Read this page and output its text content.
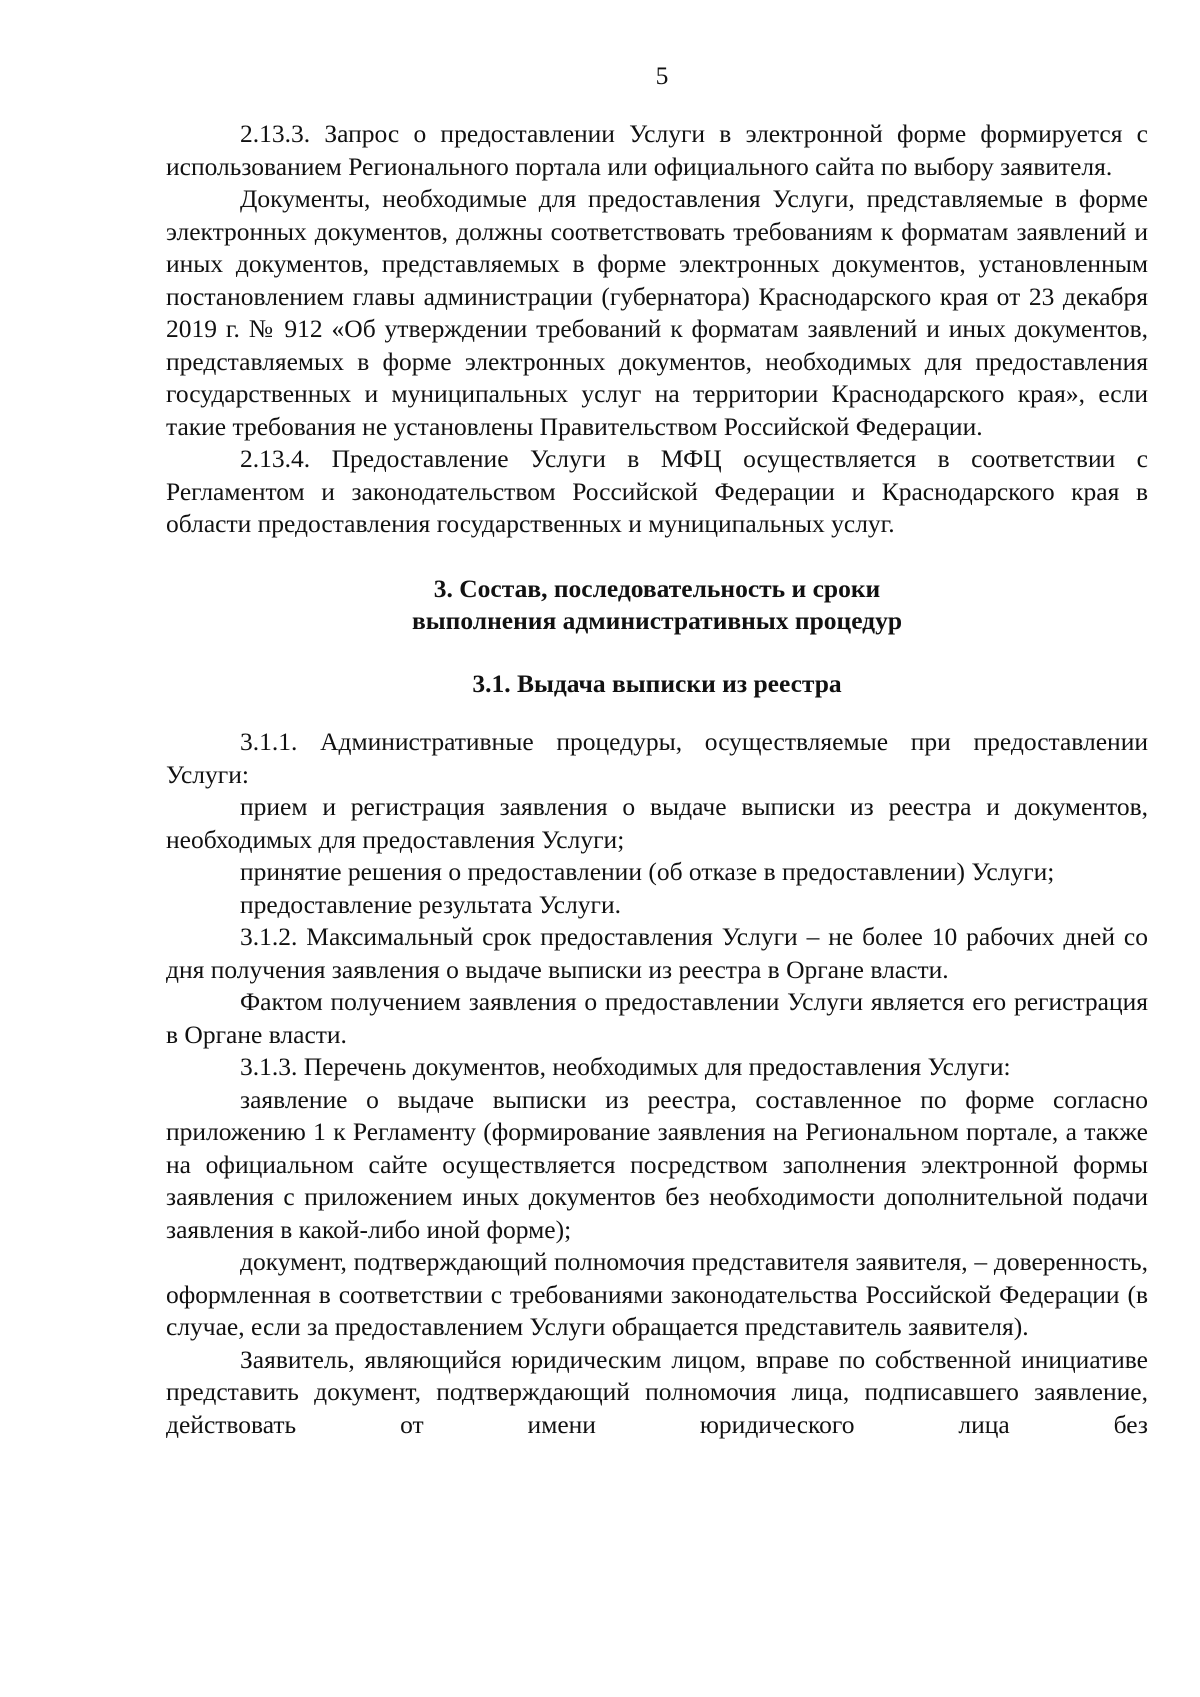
5

2.13.3. Запрос о предоставлении Услуги в электронной форме формируется с использованием Регионального портала или официального сайта по выбору заявителя.

Документы, необходимые для предоставления Услуги, представляемые в форме электронных документов, должны соответствовать требованиям к форматам заявлений и иных документов, представляемых в форме электронных документов, установленным постановлением главы администрации (губернатора) Краснодарского края от 23 декабря 2019 г. № 912 «Об утверждении требований к форматам заявлений и иных документов, представляемых в форме электронных документов, необходимых для предоставления государственных и муниципальных услуг на территории Краснодарского края», если такие требования не установлены Правительством Российской Федерации.

2.13.4. Предоставление Услуги в МФЦ осуществляется в соответствии с Регламентом и законодательством Российской Федерации и Краснодарского края в области предоставления государственных и муниципальных услуг.

3. Состав, последовательность и сроки
выполнения административных процедур
3.1. Выдача выписки из реестра

3.1.1. Административные процедуры, осуществляемые при предоставлении Услуги:

прием и регистрация заявления о выдаче выписки из реестра и документов, необходимых для предоставления Услуги;

принятие решения о предоставлении (об отказе в предоставлении) Услуги;

предоставление результата Услуги.

3.1.2. Максимальный срок предоставления Услуги – не более 10 рабочих дней со дня получения заявления о выдаче выписки из реестра в Органе власти.

Фактом получением заявления о предоставлении Услуги является его регистрация в Органе власти.

3.1.3. Перечень документов, необходимых для предоставления Услуги:

заявление о выдаче выписки из реестра, составленное по форме согласно приложению 1 к Регламенту (формирование заявления на Региональном портале, а также на официальном сайте осуществляется посредством заполнения электронной формы заявления с приложением иных документов без необходимости дополнительной подачи заявления в какой-либо иной форме);

документ, подтверждающий полномочия представителя заявителя, – доверенность, оформленная в соответствии с требованиями законодательства Российской Федерации (в случае, если за предоставлением Услуги обращается представитель заявителя).

Заявитель, являющийся юридическим лицом, вправе по собственной инициативе представить документ, подтверждающий полномочия лица, подписавшего заявление, действовать от имени юридического лица без
